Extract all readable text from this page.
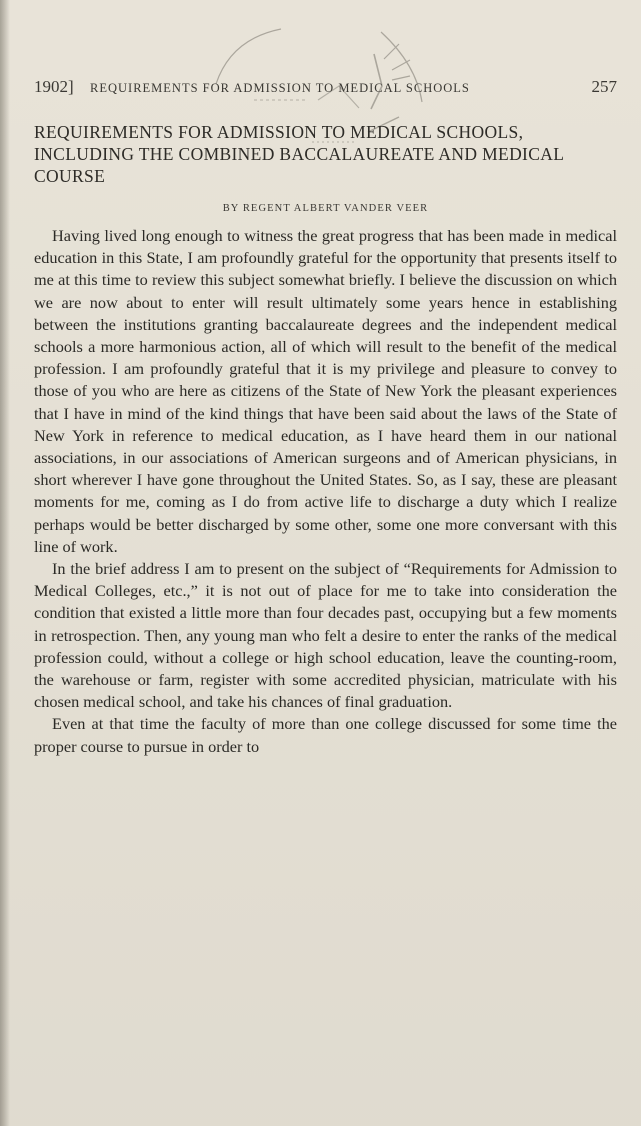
1902] REQUIREMENTS FOR ADMISSION TO MEDICAL SCHOOLS	257
REQUIREMENTS FOR ADMISSION TO MEDICAL SCHOOLS, INCLUDING THE COMBINED BACCALAUREATE AND MEDICAL COURSE
BY REGENT ALBERT VANDER VEER

Having lived long enough to witness the great progress that has been made in medical education in this State, I am profoundly grateful for the opportunity that presents itself to me at this time to review this subject somewhat briefly. I believe the discussion on which we are now about to enter will result ultimately some years hence in establishing between the institutions granting baccalaureate degrees and the independent medical schools a more harmonious action, all of which will result to the benefit of the medical profession. I am profoundly grateful that it is my privilege and pleasure to convey to those of you who are here as citizens of the State of New York the pleasant experiences that I have in mind of the kind things that have been said about the laws of the State of New York in reference to medical education, as I have heard them in our national associations, in our associations of American surgeons and of American physicians, in short wherever I have gone throughout the United States. So, as I say, these are pleasant moments for me, coming as I do from active life to discharge a duty which I realize perhaps would be better discharged by some other, some one more conversant with this line of work.

In the brief address I am to present on the subject of “Requirements for Admission to Medical Colleges, etc.,” it is not out of place for me to take into consideration the condition that existed a little more than four decades past, occupying but a few moments in retrospection. Then, any young man who felt a desire to enter the ranks of the medical profession could, without a college or high school education, leave the counting-room, the warehouse or farm, register with some accredited physician, matriculate with his chosen medical school, and take his chances of final graduation.

Even at that time the faculty of more than one college discussed for some time the proper course to pursue in order to
